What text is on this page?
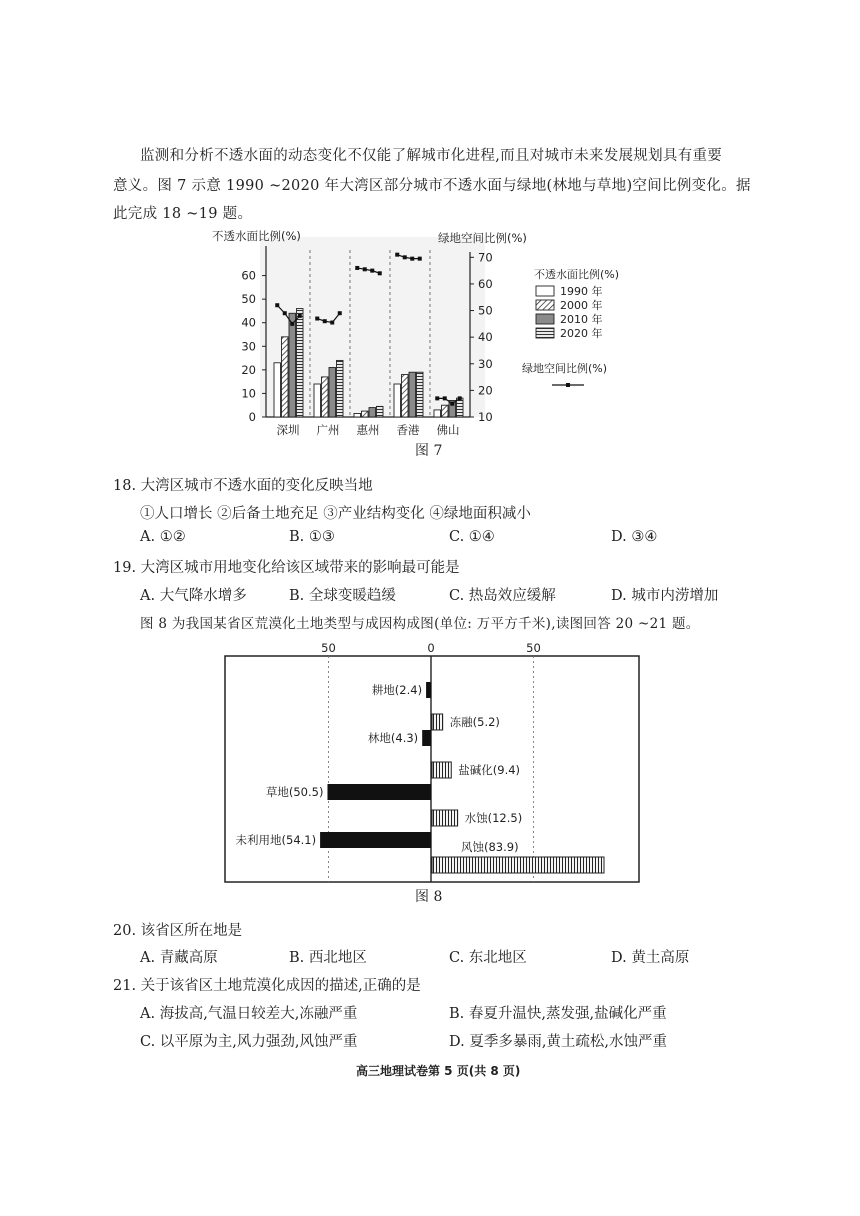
监测和分析不透水面的动态变化不仅能了解城市化进程,而且对城市未来发展规划具有重要
意义。图 7 示意 1990 ~2020 年大湾区部分城市不透水面与绿地(林地与草地)空间比例变化。据
此完成 18 ~19 题。
不透水面比例(%)	绿地空间比例(%)
0
10
20
30
40
50
60
10
20
30
40
50
60
70
深圳 广州 惠州 香港 佛山
不透水面比例(%)
1990 年
2000 年
2010 年
2020 年
绿地空间比例(%)
图 7
18. 大湾区城市不透水面的变化反映当地
①人口增长 ②后备土地充足 ③产业结构变化 ④绿地面积减小
A. ①②	B. ①③	C. ①④	D. ③④
19. 大湾区城市用地变化给该区域带来的影响最可能是
A. 大气降水增多	B. 全球变暖趋缓	C. 热岛效应缓解	D. 城市内涝增加
图 8 为我国某省区荒漠化土地类型与成因构成图(单位: 万平方千米),读图回答 20 ~21 题。
50	0	50
耕地(2.4)
林地(4.3)
草地(50.5)
未利用地(54.1)
冻融(5.2)
盐碱化(9.4)
水蚀(12.5)
风蚀(83.9)
图 8
20. 该省区所在地是
A. 青藏高原	B. 西北地区	C. 东北地区	D. 黄土高原
21. 关于该省区土地荒漠化成因的描述,正确的是
A. 海拔高,气温日较差大,冻融严重	B. 春夏升温快,蒸发强,盐碱化严重
C. 以平原为主,风力强劲,风蚀严重	D. 夏季多暴雨,黄土疏松,水蚀严重
高三地理试卷第 5 页(共 8 页)
